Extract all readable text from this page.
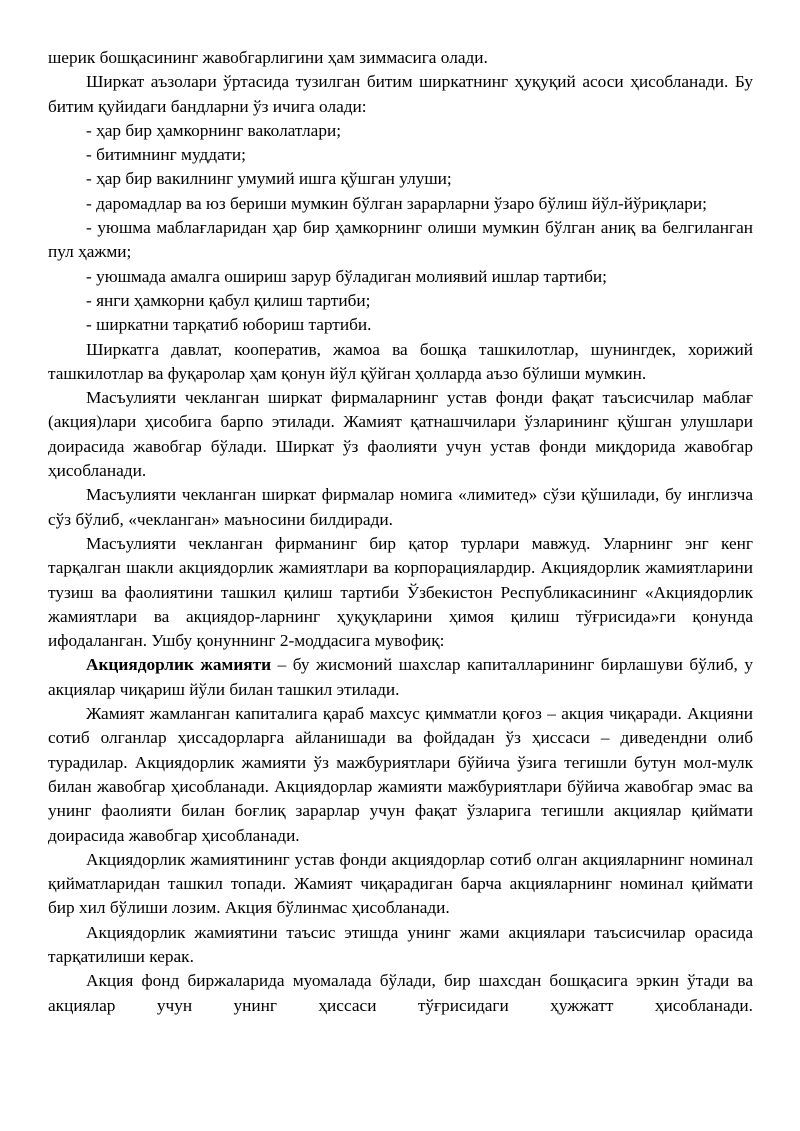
шерик бошқасининг жавобгарлигини ҳам зиммасига олади.

Ширкат аъзолари ўртасида тузилган битим ширкатнинг ҳуқуқий асоси ҳисобланади. Бу битим қуйидаги бандларни ўз ичига олади:

- ҳар бир ҳамкорнинг ваколатлари;

- битимнинг муддати;

- ҳар бир вакилнинг умумий ишга қўшган улуши;

- даромадлар ва юз бериши мумкин бўлган зарарларни ўзаро бўлиш йўл-йўриқлари;

- уюшма маблағларидан ҳар бир ҳамкорнинг олиши мумкин бўлган аниқ ва белгиланган пул ҳажми;

- уюшмада амалга ошириш зарур бўладиган молиявий ишлар тартиби;

- янги ҳамкорни қабул қилиш тартиби;

- ширкатни тарқатиб юбориш тартиби.

Ширкатга давлат, кооператив, жамоа ва бошқа ташкилотлар, шунингдек, хорижий ташкилотлар ва фуқаролар ҳам қонун йўл қўйган ҳолларда аъзо бўлиши мумкин.

Масъулияти чекланган ширкат фирмаларнинг устав фонди фақат таъсисчилар маблағ (акция)лари ҳисобига барпо этилади. Жамият қатнашчилари ўзларининг қўшган улушлари доирасида жавобгар бўлади. Ширкат ўз фаолияти учун устав фонди миқдорида жавобгар ҳисобланади.

Масъулияти чекланган ширкат фирмалар номига «лимитед» сўзи қўшилади, бу инглизча сўз бўлиб, «чекланган» маъносини билдиради.

Масъулияти чекланган фирманинг бир қатор турлари мавжуд. Уларнинг энг кенг тарқалган шакли акциядорлик жамиятлари ва корпорациялардир. Акциядорлик жамиятларини тузиш ва фаолиятини ташкил қилиш тартиби Ўзбекистон Республикасининг «Акциядорлик жамиятлари ва акциядор-ларнинг ҳуқуқларини ҳимоя қилиш тўғрисида»ги қонунда ифодаланган. Ушбу қонуннинг 2-моддасига мувофиқ:

Акциядорлик жамияти – бу жисмоний шахслар капиталларининг бирлашуви бўлиб, у акциялар чиқариш йўли билан ташкил этилади.

Жамият жамланган капиталига қараб махсус қимматли қоғоз – акция чиқаради. Акцияни сотиб олганлар ҳиссадорларга айланишади ва фойдадан ўз ҳиссаси – диведендни олиб турадилар. Акциядорлик жамияти ўз мажбуриятлари бўйича ўзига тегишли бутун мол-мулк билан жавобгар ҳисобланади. Акциядорлар жамияти мажбуриятлари бўйича жавобгар эмас ва унинг фаолияти билан боғлиқ зарарлар учун фақат ўзларига тегишли акциялар қиймати доирасида жавобгар ҳисобланади.

Акциядорлик жамиятининг устав фонди акциядорлар сотиб олган акцияларнинг номинал қийматларидан ташкил топади. Жамият чиқарадиган барча акцияларнинг номинал қиймати бир хил бўлиши лозим. Акция бўлинмас ҳисобланади.

Акциядорлик жамиятини таъсис этишда унинг жами акциялари таъсисчилар орасида тарқатилиши керак.

Акция фонд биржаларида муомалада бўлади, бир шахсдан бошқасига эркин ўтади ва акциялар учун унинг ҳиссаси тўғрисидаги ҳужжатт ҳисобланади.
